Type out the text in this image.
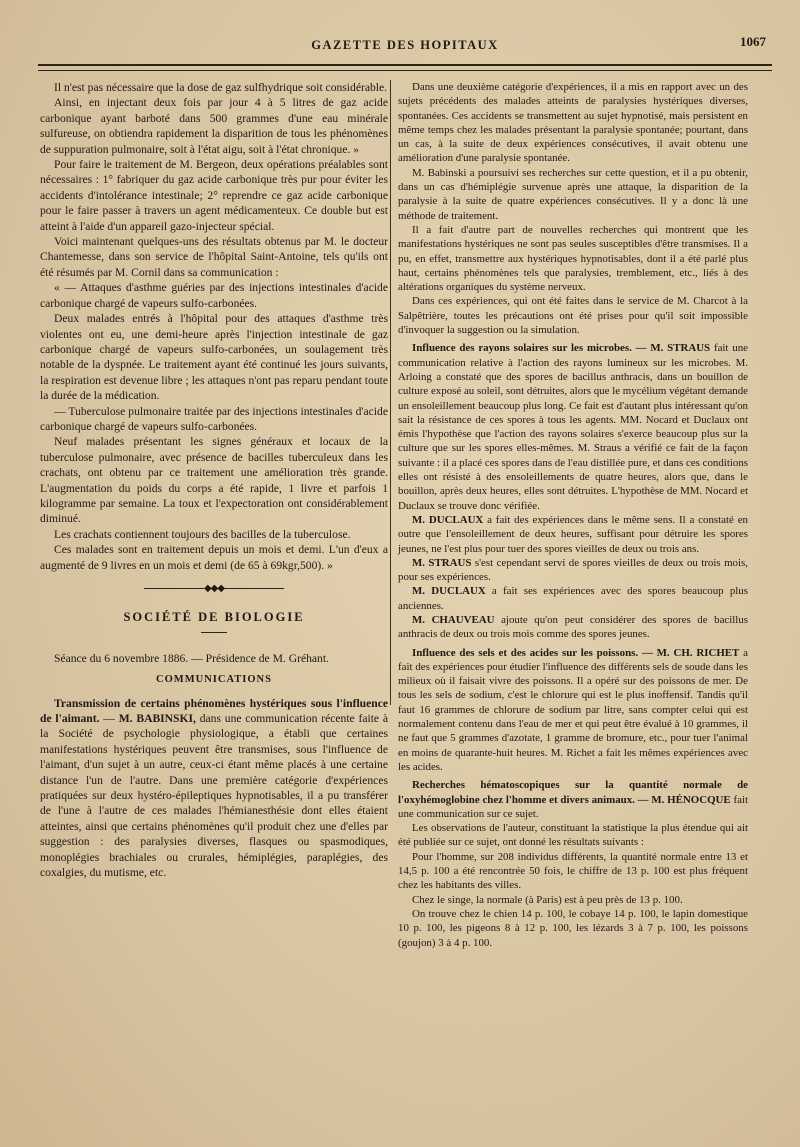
GAZETTE DES HOPITAUX	1067

Il n'est pas nécessaire que la dose de gaz sulfhydrique soit considérable.

Ainsi, en injectant deux fois par jour 4 à 5 litres de gaz acide carbonique ayant barboté dans 500 grammes d'une eau minérale sulfureuse, on obtiendra rapidement la disparition de tous les phénomènes de suppuration pulmonaire, soit à l'état aigu, soit à l'état chronique. »

Pour faire le traitement de M. Bergeon, deux opérations préalables sont nécessaires : 1° fabriquer du gaz acide carbonique très pur pour éviter les accidents d'intolérance intestinale; 2° reprendre ce gaz acide carbonique pour le faire passer à travers un agent médicamenteux. Ce double but est atteint à l'aide d'un appareil gazo-injecteur spécial.

Voici maintenant quelques-uns des résultats obtenus par M. le docteur Chantemesse, dans son service de l'hôpital Saint-Antoine, tels qu'ils ont été résumés par M. Cornil dans sa communication :

« — Attaques d'asthme guéries par des injections intestinales d'acide carbonique chargé de vapeurs sulfo-carbonées.

Deux malades entrés à l'hôpital pour des attaques d'asthme très violentes ont eu, une demi-heure après l'injection intestinale de gaz carbonique chargé de vapeurs sulfo-carbonées, un soulagement très notable de la dyspnée. Le traitement ayant été continué les jours suivants, la respiration est devenue libre ; les attaques n'ont pas reparu pendant toute la durée de la médication.

— Tuberculose pulmonaire traitée par des injections intestinales d'acide carbonique chargé de vapeurs sulfo-carbonées.

Neuf malades présentant les signes généraux et locaux de la tuberculose pulmonaire, avec présence de bacilles tuberculeux dans les crachats, ont obtenu par ce traitement une amélioration très grande. L'augmentation du poids du corps a été rapide, 1 livre et parfois 1 kilogramme par semaine. La toux et l'expectoration ont considérablement diminué.

Les crachats contiennent toujours des bacilles de la tuberculose.

Ces malades sont en traitement depuis un mois et demi. L'un d'eux a augmenté de 9 livres en un mois et demi (de 65 à 69kgr,500). »

◆◆◆
SOCIÉTÉ DE BIOLOGIE

Séance du 6 novembre 1886. — Présidence de M. Gréhant.

COMMUNICATIONS

Transmission de certains phénomènes hystériques sous l'influence de l'aimant. — M. BABINSKI, dans une communication récente faite à la Société de psychologie physiologique, a établi que certaines manifestations hystériques peuvent être transmises, sous l'influence de l'aimant, d'un sujet à un autre, ceux-ci étant même placés à une certaine distance l'un de l'autre. Dans une première catégorie d'expériences pratiquées sur deux hystéro-épileptiques hypnotisables, il a pu transférer de l'une à l'autre de ces malades l'hémianesthésie dont elles étaient atteintes, ainsi que certains phénomènes qu'il produit chez une d'elles par suggestion : des paralysies diverses, flasques ou spasmodiques, monoplégies brachiales ou crurales, hémiplégies, paraplégies, des coxalgies, du mutisme, etc.

Dans une deuxième catégorie d'expériences, il a mis en rapport avec un des sujets précédents des malades atteints de paralysies hystériques diverses, spontanées. Ces accidents se transmettent au sujet hypnotisé, mais persistent en même temps chez les malades présentant la paralysie spontanée; pourtant, dans un cas, à la suite de deux expériences consécutives, il avait obtenu une amélioration d'une paralysie spontanée.

M. Babinski a poursuivi ses recherches sur cette question, et il a pu obtenir, dans un cas d'hémiplégie survenue après une attaque, la disparition de la paralysie à la suite de quatre expériences consécutives. Il y a donc là une méthode de traitement.

Il a fait d'autre part de nouvelles recherches qui montrent que les manifestations hystériques ne sont pas seules susceptibles d'être transmises. Il a pu, en effet, transmettre aux hystériques hypnotisables, dont il a été parlé plus haut, certains phénomènes tels que paralysies, tremblement, etc., liés à des altérations organiques du système nerveux.

Dans ces expériences, qui ont été faites dans le service de M. Charcot à la Salpêtrière, toutes les précautions ont été prises pour qu'il soit impossible d'invoquer la suggestion ou la simulation.

Influence des rayons solaires sur les microbes. — M. STRAUS fait une communication relative à l'action des rayons lumineux sur les microbes. M. Arloing a constaté que des spores de bacillus anthracis, dans un bouillon de culture exposé au soleil, sont détruites, alors que le mycélium végétant demande un ensoleillement beaucoup plus long. Ce fait est d'autant plus intéressant qu'on sait la résistance de ces spores à tous les agents. MM. Nocard et Duclaux ont émis l'hypothèse que l'action des rayons solaires s'exerce beaucoup plus sur la culture que sur les spores elles-mêmes. M. Straus a vérifié ce fait de la façon suivante : il a placé ces spores dans de l'eau distillée pure, et dans ces conditions elles ont résisté à des ensoleillements de quatre heures, alors que, dans le bouillon, après deux heures, elles sont détruites. L'hypothèse de MM. Nocard et Duclaux se trouve donc vérifiée.

M. DUCLAUX a fait des expériences dans le même sens. Il a constaté en outre que l'ensoleillement de deux heures, suffisant pour détruire les spores jeunes, ne l'est plus pour tuer des spores vieilles de deux ou trois ans.

M. STRAUS s'est cependant servi de spores vieilles de deux ou trois mois, pour ses expériences.

M. DUCLAUX a fait ses expériences avec des spores beaucoup plus anciennes.

M. CHAUVEAU ajoute qu'on peut considérer des spores de bacillus anthracis de deux ou trois mois comme des spores jeunes.

Influence des sels et des acides sur les poissons. — M. CH. RICHET a fait des expériences pour étudier l'influence des différents sels de soude dans les milieux où il faisait vivre des poissons. Il a opéré sur des poissons de mer. De tous les sels de sodium, c'est le chlorure qui est le plus inoffensif. Tandis qu'il faut 16 grammes de chlorure de sodium par litre, sans compter celui qui est normalement contenu dans l'eau de mer et qui peut être évalué à 10 grammes, il ne faut que 5 grammes d'azotate, 1 gramme de bromure, etc., pour tuer l'animal en moins de quarante-huit heures. M. Richet a fait les mêmes expériences avec les acides.

Recherches hématoscopiques sur la quantité normale de l'oxyhémoglobine chez l'homme et divers animaux. — M. HÉNOCQUE fait une communication sur ce sujet.

Les observations de l'auteur, constituant la statistique la plus étendue qui ait été publiée sur ce sujet, ont donné les résultats suivants :

Pour l'homme, sur 208 individus différents, la quantité normale entre 13 et 14,5 p. 100 a été rencontrée 50 fois, le chiffre de 13 p. 100 est plus fréquent chez les habitants des villes.

Chez le singe, la normale (à Paris) est à peu près de 13 p. 100.

On trouve chez le chien 14 p. 100, le cobaye 14 p. 100, le lapin domestique 10 p. 100, les pigeons 8 à 12 p. 100, les lézards 3 à 7 p. 100, les poissons (goujon) 3 à 4 p. 100.
